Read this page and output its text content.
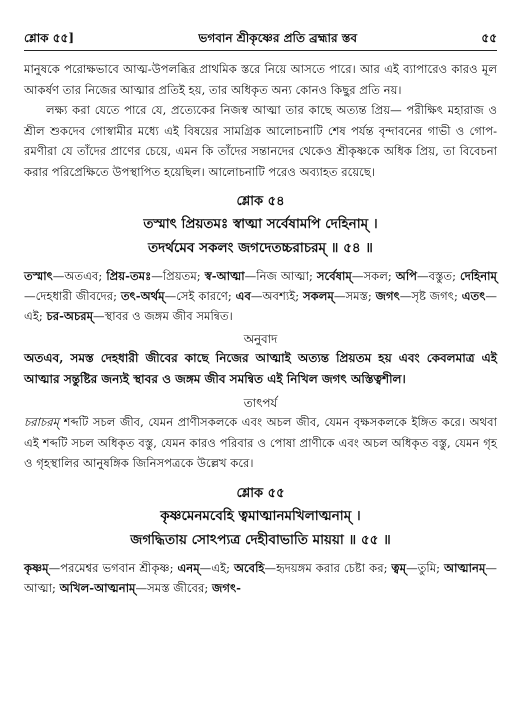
শ্লোক ৫৫]	ভগবান শ্রীকৃষ্ণের প্রতি ব্রহ্মার স্তব	৫৫

মানুষকে পরোক্ষভাবে আত্ম-উপলব্ধির প্রাথমিক স্তরে নিয়ে আসতে পারে। আর এই ব্যাপারেও কারও মূল আকর্ষণ তার নিজের আত্মার প্রতিই হয়, তার অধিকৃত অন্য কোনও কিছুর প্রতি নয়।

লক্ষ্য করা যেতে পারে যে, প্রত্যেকের নিজস্ব আত্মা তার কাছে অত্যন্ত প্রিয়— পরীক্ষিৎ মহারাজ ও শ্রীল শুকদেব গোস্বামীর মধ্যে এই বিষয়ের সামগ্রিক আলোচনাটি শেষ পর্যন্ত বৃন্দাবনের গাভী ও গোপ-রমণীরা যে তাঁদের প্রাণের চেয়ে, এমন কি তাঁদের সন্তানদের থেকেও শ্রীকৃষ্ণকে অধিক প্রিয়, তা বিবেচনা করার পরিপ্রেক্ষিতে উপস্থাপিত হয়েছিল। আলোচনাটি পরেও অব্যাহত রয়েছে।

শ্লোক ৫৪
তস্মাৎ প্রিয়তমঃ স্বাত্মা সর্বেষামপি দেহিনাম্ ।
তদর্থমেব সকলং জগদেতচ্চরাচরম্ ॥ ৫৪ ॥
তস্মাৎ—অতএব; প্রিয়-তমঃ—প্রিয়তম; স্ব-আত্মা—নিজ আত্মা; সর্বেষাম্—সকল; অপি—বস্তুত; দেহিনাম্—দেহধারী জীবদের; তৎ-অর্থম্—সেই কারণে; এব—অবশ্যই; সকলম্—সমস্ত; জগৎ—সৃষ্ট জগৎ; এতৎ—এই; চর-অচরম্—স্থাবর ও জঙ্গম জীব সমন্বিত।
অনুবাদ
অতএব, সমস্ত দেহধারী জীবের কাছে নিজের আত্মাই অত্যন্ত প্রিয়তম হয় এবং কেবলমাত্র এই আত্মার সন্তুষ্টির জন্যই স্থাবর ও জঙ্গম জীব সমন্বিত এই নিখিল জগৎ অস্তিত্বশীল।
তাৎপর্য
চরাচরম্ শব্দটি সচল জীব, যেমন প্রাণীসকলকে এবং অচল জীব, যেমন বৃক্ষসকলকে ইঙ্গিত করে। অথবা এই শব্দটি সচল অধিকৃত বস্তু, যেমন কারও পরিবার ও পোষা প্রাণীকে এবং অচল অধিকৃত বস্তু, যেমন গৃহ ও গৃহস্থালির আনুষঙ্গিক জিনিসপত্রকে উল্লেখ করে।
শ্লোক ৫৫
কৃষ্ণমেনমবেহি ত্বমাত্মানমখিলাত্মনাম্ ।
জগদ্ধিতায় সোঽপ্যত্র দেহীবাভাতি মায়য়া ॥ ৫৫ ॥
কৃষ্ণম্—পরমেশ্বর ভগবান শ্রীকৃষ্ণ; এনম্—এই; অবেহি—হৃদয়ঙ্গম করার চেষ্টা কর; ত্বম্—তুমি; আত্মানম্—আত্মা; অখিল-আত্মনাম্—সমস্ত জীবের; জগৎ-
